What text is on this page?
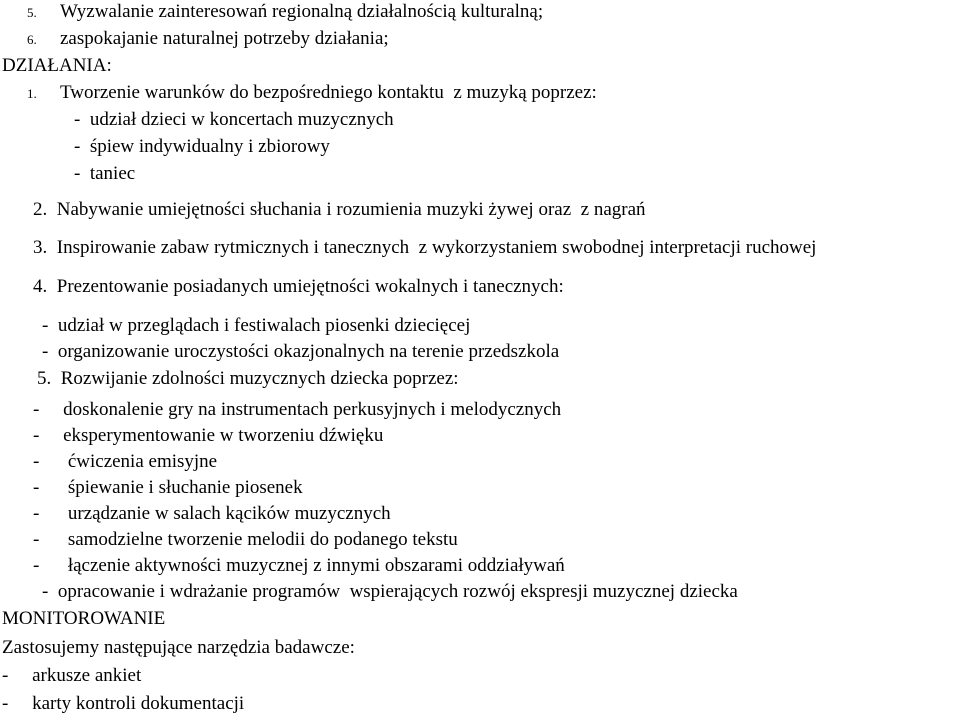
5. Wyzwalanie zainteresowań regionalną działalnością kulturalną;
6. zaspokajanie naturalnej potrzeby działania;
DZIAŁANIA:
1. Tworzenie warunków do bezpośredniego kontaktu  z muzyką poprzez:
-  udział dzieci w koncertach muzycznych
-  śpiew indywidualny i zbiorowy
-  taniec
2.  Nabywanie umiejętności słuchania i rozumienia muzyki żywej oraz  z nagrań
3.  Inspirowanie zabaw rytmicznych i tanecznych  z wykorzystaniem swobodnej interpretacji ruchowej
4.  Prezentowanie posiadanych umiejętności wokalnych i tanecznych:
-  udział w przeglądach i festiwalach piosenki dziecięcej
-  organizowanie uroczystości okazjonalnych na terenie przedszkola
5.  Rozwijanie zdolności muzycznych dziecka poprzez:
-     doskonalenie gry na instrumentach perkusyjnych i melodycznych
-     eksperymentowanie w tworzeniu dźwięku
-      ćwiczenia emisyjne
-      śpiewanie i słuchanie piosenek
-      urządzanie w salach kącików muzycznych
-      samodzielne tworzenie melodii do podanego tekstu
-      łączenie aktywności muzycznej z innymi obszarami oddziaływań
-  opracowanie i wdrażanie programów  wspierających rozwój ekspresji muzycznej dziecka
MONITOROWANIE
Zastosujemy następujące narzędzia badawcze:
-     arkusze ankiet
-     karty kontroli dokumentacji
